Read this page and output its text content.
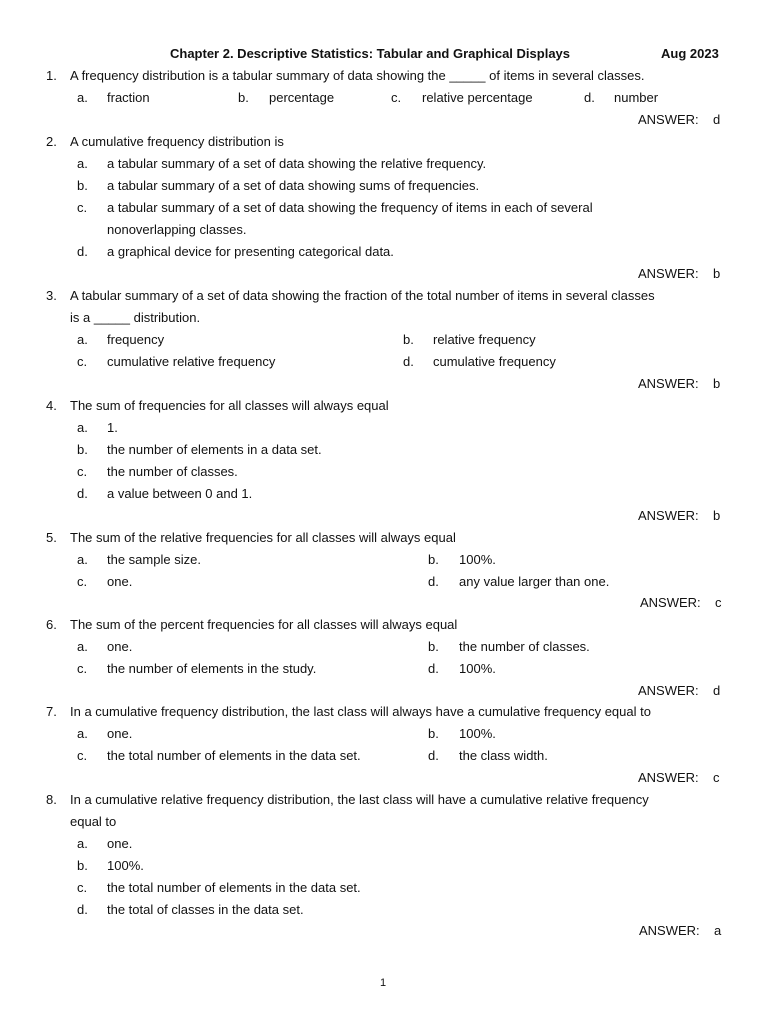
Chapter 2. Descriptive Statistics: Tabular and Graphical Displays	Aug 2023
1. A frequency distribution is a tabular summary of data showing the _____ of items in several classes.
a. fraction	b. percentage	c. relative percentage	d. number
ANSWER: d
2. A cumulative frequency distribution is
a. a tabular summary of a set of data showing the relative frequency.
b. a tabular summary of a set of data showing sums of frequencies.
c. a tabular summary of a set of data showing the frequency of items in each of several
nonoverlapping classes.
d. a graphical device for presenting categorical data.
ANSWER: b
3. A tabular summary of a set of data showing the fraction of the total number of items in several classes
is a _____ distribution.
a. frequency	b. relative frequency
c. cumulative relative frequency	d. cumulative frequency
ANSWER: b
4. The sum of frequencies for all classes will always equal
a. 1.
b. the number of elements in a data set.
c. the number of classes.
d. a value between 0 and 1.
ANSWER: b
5. The sum of the relative frequencies for all classes will always equal
a. the sample size.	b. 100%.
c. one.	d. any value larger than one.
ANSWER: c
6. The sum of the percent frequencies for all classes will always equal
a. one.	b. the number of classes.
c. the number of elements in the study.	d. 100%.
ANSWER: d
7. In a cumulative frequency distribution, the last class will always have a cumulative frequency equal to
a. one.	b. 100%.
c. the total number of elements in the data set.	d. the class width.
ANSWER: c
8. In a cumulative relative frequency distribution, the last class will have a cumulative relative frequency
equal to
a. one.
b. 100%.
c. the total number of elements in the data set.
d. the total of classes in the data set.
ANSWER: a
1
